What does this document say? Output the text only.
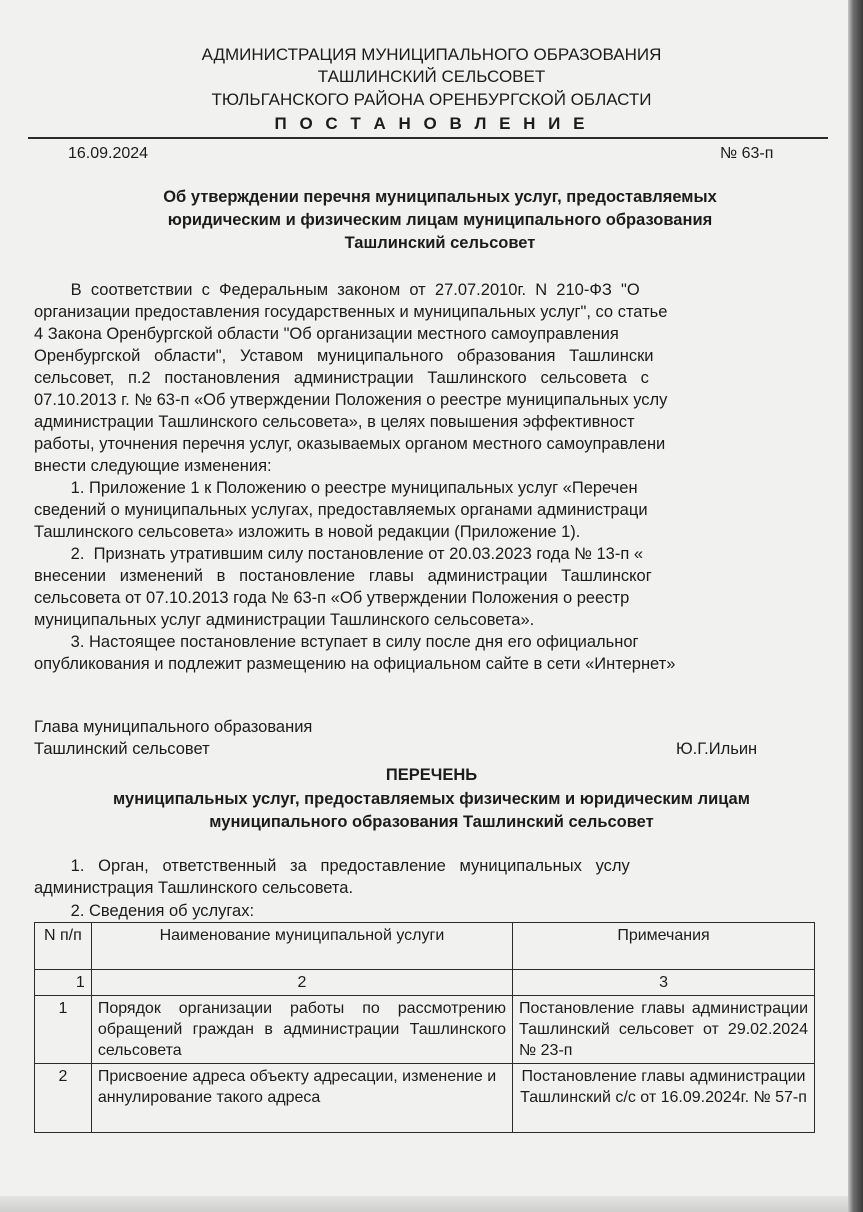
АДМИНИСТРАЦИЯ МУНИЦИПАЛЬНОГО ОБРАЗОВАНИЯ
ТАШЛИНСКИЙ СЕЛЬСОВЕТ
ТЮЛЬГАНСКОГО РАЙОНА ОРЕНБУРГСКОЙ ОБЛАСТИ
П О С Т А Н О В Л Е Н И Е
16.09.2024	№ 63-п
Об утверждении перечня муниципальных услуг, предоставляемых
юридическим и физическим лицам муниципального образования
Ташлинский сельсовет
В  соответствии  с  Федеральным  законом  от  27.07.2010г.  N  210-ФЗ  "О
организации предоставления государственных и муниципальных услуг", со статье
4 Закона Оренбургской области "Об организации местного самоуправления
Оренбургской   области",   Уставом   муниципального   образования   Ташлински
сельсовет,   п.2   постановления   администрации   Ташлинского   сельсовета   с
07.10.2013 г. № 63-п «Об утверждении Положения о реестре муниципальных услу
администрации Ташлинского сельсовета», в целях повышения эффективност
работы, уточнения перечня услуг, оказываемых органом местного самоуправлени
внести следующие изменения:
1. Приложение 1 к Положению о реестре муниципальных услуг «Перечен
сведений о муниципальных услугах, предоставляемых органами администраци
Ташлинского сельсовета» изложить в новой редакции (Приложение 1).
2.  Признать утратившим силу постановление от 20.03.2023 года № 13-п «
внесении   изменений   в   постановление   главы   администрации   Ташлинског
сельсовета от 07.10.2013 года № 63-п «Об утверждении Положения о реестр
муниципальных услуг администрации Ташлинского сельсовета».
3. Настоящее постановление вступает в силу после дня его официальног
опубликования и подлежит размещению на официальном сайте в сети «Интернет»
Глава муниципального образования
Ташлинский сельсовет	Ю.Г.Ильин
ПЕРЕЧЕНЬ
муниципальных услуг, предоставляемых физическим и юридическим лицам
муниципального образования Ташлинский сельсовет
1.   Орган,   ответственный   за   предоставление   муниципальных   услу
администрация Ташлинского сельсовета.
2. Сведения об услугах:
N п/п	Наименование муниципальной услуги	Примечания
1	2	3
1	Порядок организации работы по рассмотрению обращений граждан в администрации Ташлинского сельсовета	Постановление главы администрации Ташлинский сельсовет от 29.02.2024 № 23-п
2	Присвоение адреса объекту адресации, изменение и аннулирование такого адреса	Постановление главы администрации Ташлинский с/с от 16.09.2024г. № 57-п
